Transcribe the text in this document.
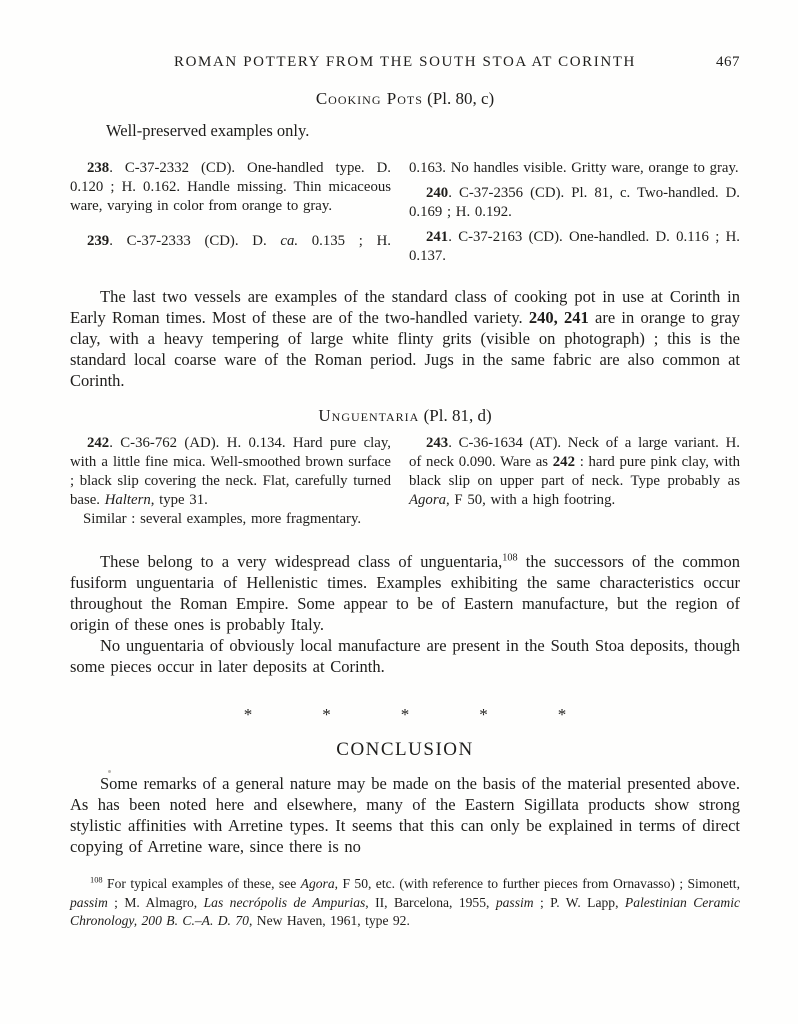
ROMAN POTTERY FROM THE SOUTH STOA AT CORINTH	467
Cooking Pots (Pl. 80, c)

Well-preserved examples only.

238. C-37-2332 (CD). One-handled type. D. 0.120 ; H. 0.162. Handle missing. Thin micaceous ware, varying in color from orange to gray.

239. C-37-2333 (CD). D. ca. 0.135 ; H.

0.163. No handles visible. Gritty ware, orange to gray.

240. C-37-2356 (CD). Pl. 81, c. Two-handled. D. 0.169 ; H. 0.192.

241. C-37-2163 (CD). One-handled. D. 0.116 ; H. 0.137.

The last two vessels are examples of the standard class of cooking pot in use at Corinth in Early Roman times. Most of these are of the two-handled variety. 240, 241 are in orange to gray clay, with a heavy tempering of large white flinty grits (visible on photograph) ; this is the standard local coarse ware of the Roman period. Jugs in the same fabric are also common at Corinth.

Unguentaria (Pl. 81, d)

242. C-36-762 (AD). H. 0.134. Hard pure clay, with a little fine mica. Well-smoothed brown surface ; black slip covering the neck. Flat, carefully turned base. Haltern, type 31.

Similar : several examples, more fragmentary.

243. C-36-1634 (AT). Neck of a large variant. H. of neck 0.090. Ware as 242 : hard pure pink clay, with black slip on upper part of neck. Type probably as Agora, F 50, with a high footring.

These belong to a very widespread class of unguentaria,$^{108}$ the successors of the common fusiform unguentaria of Hellenistic times. Examples exhibiting the same characteristics occur throughout the Roman Empire. Some appear to be of Eastern manufacture, but the region of origin of these ones is probably Italy.

No unguentaria of obviously local manufacture are present in the South Stoa deposits, though some pieces occur in later deposits at Corinth.

*	*	*	*	*
CONCLUSION

Some remarks of a general nature may be made on the basis of the material presented above. As has been noted here and elsewhere, many of the Eastern Sigillata products show strong stylistic affinities with Arretine types. It seems that this can only be explained in terms of direct copying of Arretine ware, since there is no

$^{108}$ For typical examples of these, see Agora, F 50, etc. (with reference to further pieces from Ornavasso) ; Simonett, passim ; M. Almagro, Las necrópolis de Ampurias, II, Barcelona, 1955, passim ; P. W. Lapp, Palestinian Ceramic Chronology, 200 B. C.–A. D. 70, New Haven, 1961, type 92.
